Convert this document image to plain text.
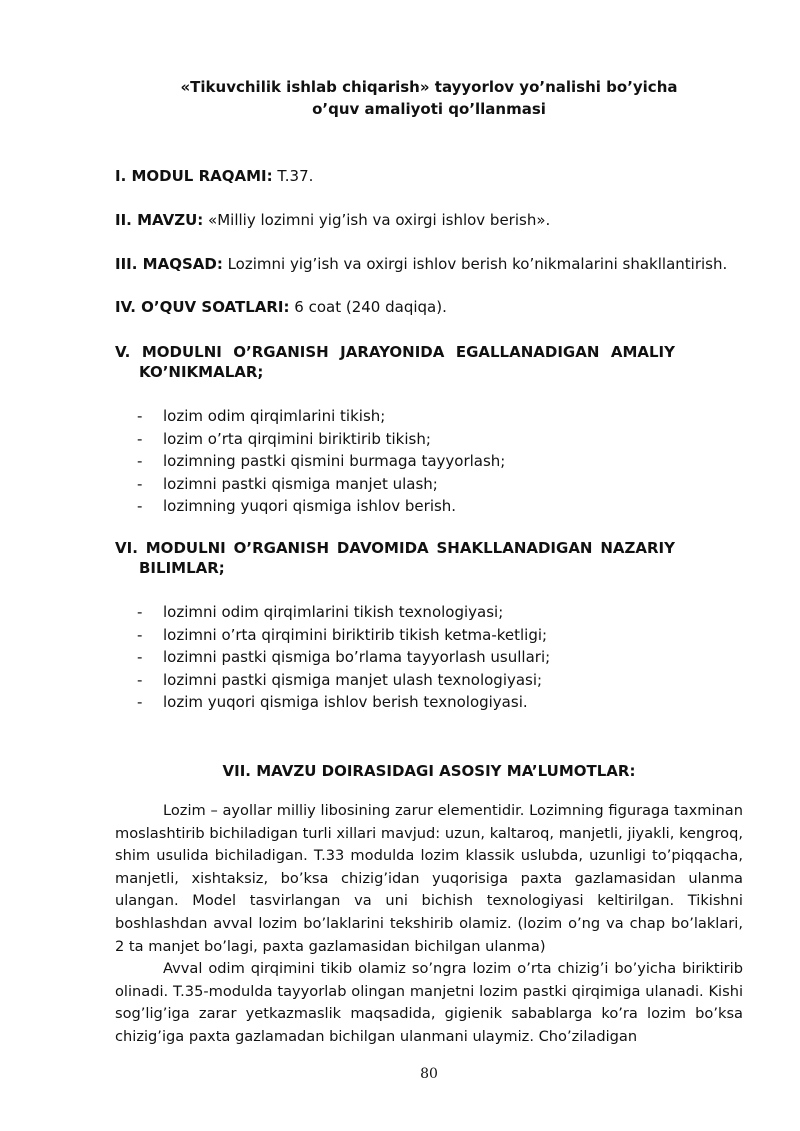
«Tikuvchilik ishlab chiqarish» tayyorlov yo’nalishi bo’yicha
o’quv amaliyoti qo’llanmasi
I. MODUL RAQAMI: T.37.
II. MAVZU: «Milliy lozimni yig’ish va oxirgi ishlov berish».
III. MAQSAD: Lozimni yig’ish va oxirgi ishlov berish ko’nikmalarini shakllantirish.
IV. O’QUV SOATLARI: 6 соat (240 daqiqa).
V. MODULNI O’RGANISH JARAYONIDA EGALLANADIGAN AMALIY
KO’NIKMALAR;
- lozim odim qirqimlarini tikish;
- lozim o’rta qirqimini biriktirib tikish;
- lozimning pastki qismini burmaga tayyorlash;
- lozimni pastki qismiga manjet ulash;
- lozimning yuqori qismiga ishlov berish.
VI. MODULNI O’RGANISH DAVOMIDA SHAKLLANADIGAN NAZARIY
BILIMLAR;
- lozimni odim qirqimlarini tikish texnologiyasi;
- lozimni o’rta qirqimini biriktirib tikish ketma-ketligi;
- lozimni pastki qismiga bo’rlama tayyorlash usullari;
- lozimni pastki qismiga manjet ulash texnologiyasi;
- lozim yuqori qismiga ishlov berish texnologiyasi.
VII. MAVZU DOIRASIDAGI ASOSIY MA’LUMOTLAR:

Lozim – ayollar milliy libosining zarur elementidir. Lozimning figuraga taxminan moslashtirib bichiladigan turli xillari mavjud: uzun, kaltaroq, manjetli, jiyakli, kengroq, shim usulida bichiladigan. T.33 modulda lozim klassik uslubda, uzunligi to’piqqacha, manjetli, xishtaksiz, bo’ksa chizig’idan yuqorisiga paxta gazlamasidan ulanma ulangan. Model tasvirlangan va uni bichish texnologiyasi keltirilgan. Tikishni boshlashdan avval lozim bo’laklarini tekshirib olamiz. (lozim o’ng va chap bo’laklari, 2 ta manjet bo’lagi, paxta gazlamasidan bichilgan ulanma)

Avval odim qirqimini tikib olamiz so’ngra lozim o’rta chizig’i bo’yicha biriktirib olinadi. T.35-modulda tayyorlab olingan manjetni lozim pastki qirqimiga ulanadi. Kishi sog’lig’iga zarar yetkazmaslik maqsadida, gigienik sabablarga ko’ra lozim bo’ksa chizig’iga paxta gazlamadan bichilgan ulanmani ulaymiz. Cho’ziladigan

80
